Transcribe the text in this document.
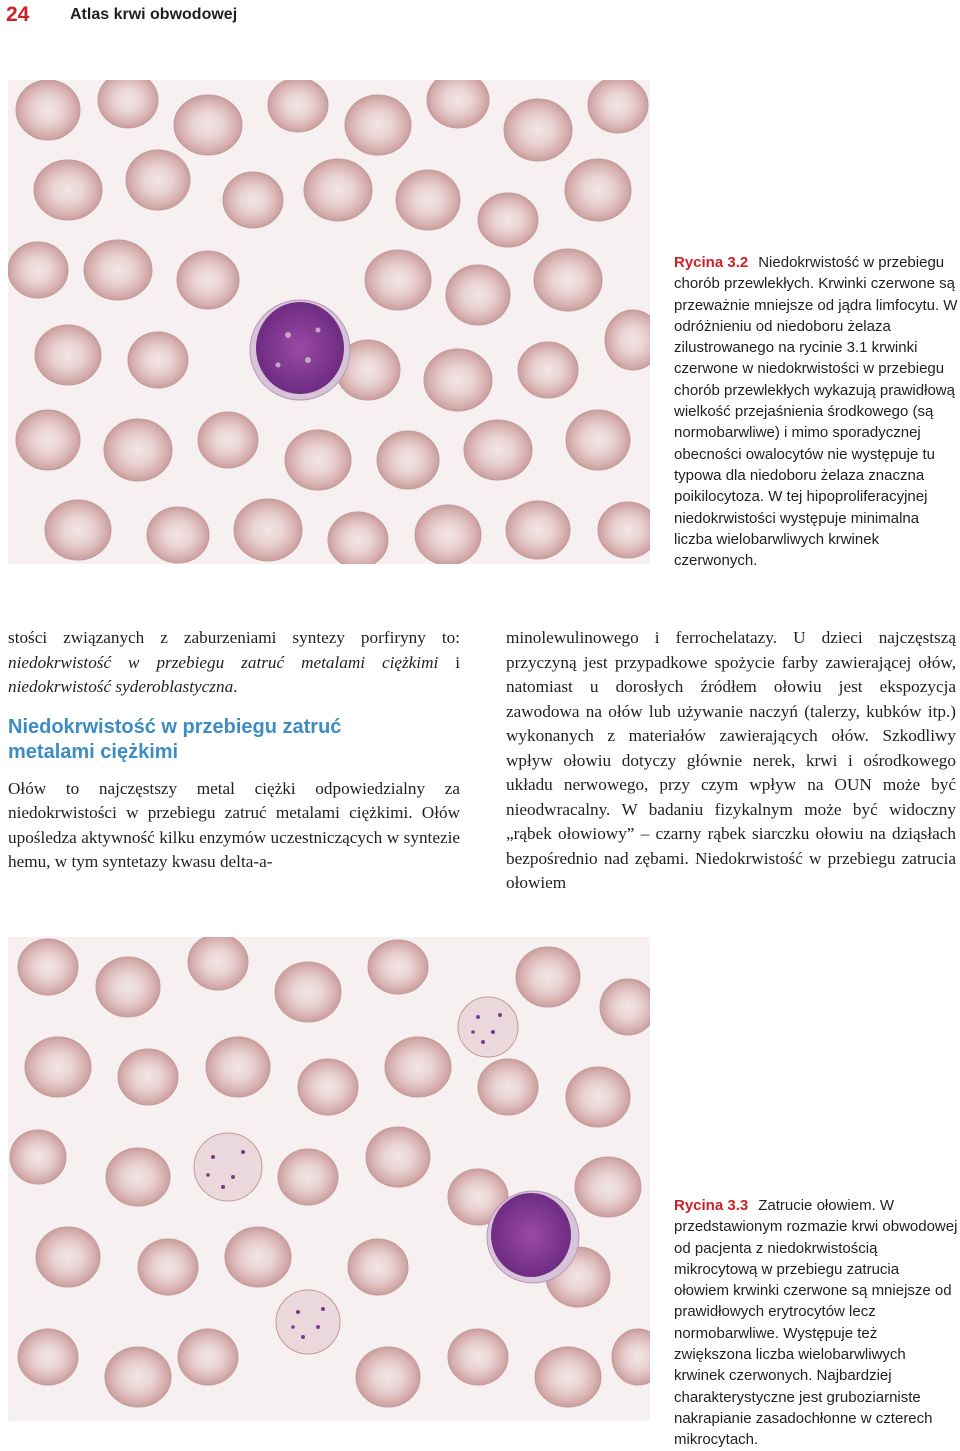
24	Atlas krwi obwodowej
Rycina 3.2 Niedokrwistość w przebiegu chorób przewlekłych. Krwinki czerwone są przeważnie mniejsze od jądra limfocytu. W odróżnieniu od niedoboru żelaza zilustrowanego na rycinie 3.1 krwinki czerwone w niedokrwistości w przebiegu chorób przewlekłych wykazują prawidłową wielkość przejaśnienia środkowego (są normobarwliwe) i mimo sporadycznej obecności owalocytów nie występuje tu typowa dla niedoboru żelaza znaczna poikilocytoza. W tej hipoproliferacyjnej niedokrwistości występuje minimalna liczba wielobarwliwych krwinek czerwonych.

stości związanych z zaburzeniami syntezy porfiryny to: niedokrwistość w przebiegu zatruć metalami ciężkimi i niedokrwistość syderoblastyczna.

Niedokrwistość w przebiegu zatruć
metalami ciężkimi

Ołów to najczęstszy metal ciężki odpowiedzialny za niedokrwistości w przebiegu zatruć metalami ciężkimi. Ołów upośledza aktywność kilku enzymów uczestniczących w syntezie hemu, w tym syntetazy kwasu delta-a-

minolewulinowego i ferrochelatazy. U dzieci najczęstszą przyczyną jest przypadkowe spożycie farby zawierającej ołów, natomiast u dorosłych źródłem ołowiu jest ekspozycja zawodowa na ołów lub używanie naczyń (talerzy, kubków itp.) wykonanych z materiałów zawierających ołów. Szkodliwy wpływ ołowiu dotyczy głównie nerek, krwi i ośrodkowego układu nerwowego, przy czym wpływ na OUN może być nieodwracalny. W badaniu fizykalnym może być widoczny „rąbek ołowiowy” – czarny rąbek siarczku ołowiu na dziąsłach bezpośrednio nad zębami. Niedokrwistość w przebiegu zatrucia ołowiem

Rycina 3.3 Zatrucie ołowiem. W przedstawionym rozmazie krwi obwodowej od pacjenta z niedokrwistością mikrocytową w przebiegu zatrucia ołowiem krwinki czerwone są mniejsze od prawidłowych erytrocytów lecz normobarwliwe. Występuje też zwiększona liczba wielobarwliwych krwinek czerwonych. Najbardziej charakterystyczne jest gruboziarniste nakrapianie zasadochłonne w czterech mikrocytach.
